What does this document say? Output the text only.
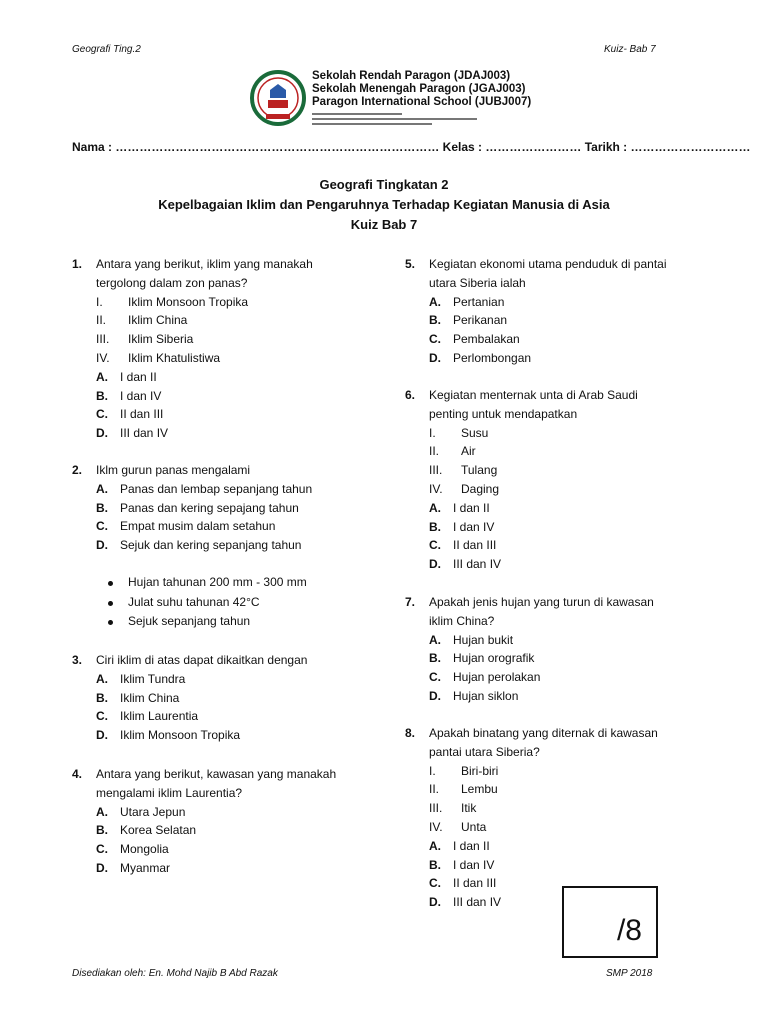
Geografi Ting.2	Kuiz- Bab 7
Sekolah Rendah Paragon (JDAJ003)
Sekolah Menengah Paragon (JGAJ003)
Paragon International School (JUBJ007)
Nama : ……………………………………………………………………… Kelas : …………………… Tarikh : …………………………
Geografi Tingkatan 2
Kepelbagaian Iklim dan Pengaruhnya Terhadap Kegiatan Manusia di Asia
Kuiz Bab 7
1. Antara yang berikut, iklim yang manakah
tergolong dalam zon panas?
I. Iklim Monsoon Tropika
II. Iklim China
III. Iklim Siberia
IV. Iklim Khatulistiwa
A. I dan II
B. I dan IV
C. II dan III
D. III dan IV
2. Iklm gurun panas mengalami
A. Panas dan lembap sepanjang tahun
B. Panas dan kering sepajang tahun
C. Empat musim dalam setahun
D. Sejuk dan kering sepanjang tahun
Hujan tahunan 200 mm - 300 mm
Julat suhu tahunan 42°C
Sejuk sepanjang tahun
3. Ciri iklim di atas dapat dikaitkan dengan
A. Iklim Tundra
B. Iklim China
C. Iklim Laurentia
D. Iklim Monsoon Tropika
4. Antara yang berikut, kawasan yang manakah
mengalami iklim Laurentia?
A. Utara Jepun
B. Korea Selatan
C. Mongolia
D. Myanmar
5. Kegiatan ekonomi utama penduduk di pantai
utara Siberia ialah
A. Pertanian
B. Perikanan
C. Pembalakan
D. Perlombongan
6. Kegiatan menternak unta di Arab Saudi
penting untuk mendapatkan
I. Susu
II. Air
III. Tulang
IV. Daging
A. I dan II
B. I dan IV
C. II dan III
D. III dan IV
7. Apakah jenis hujan yang turun di kawasan
iklim China?
A. Hujan bukit
B. Hujan orografik
C. Hujan perolakan
D. Hujan siklon
8. Apakah binatang yang diternak di kawasan
pantai utara Siberia?
I. Biri-biri
II. Lembu
III. Itik
IV. Unta
A. I dan II
B. I dan IV
C. II dan III
D. III dan IV
/8
Disediakan oleh: En. Mohd Najib B Abd Razak	SMP 2018
